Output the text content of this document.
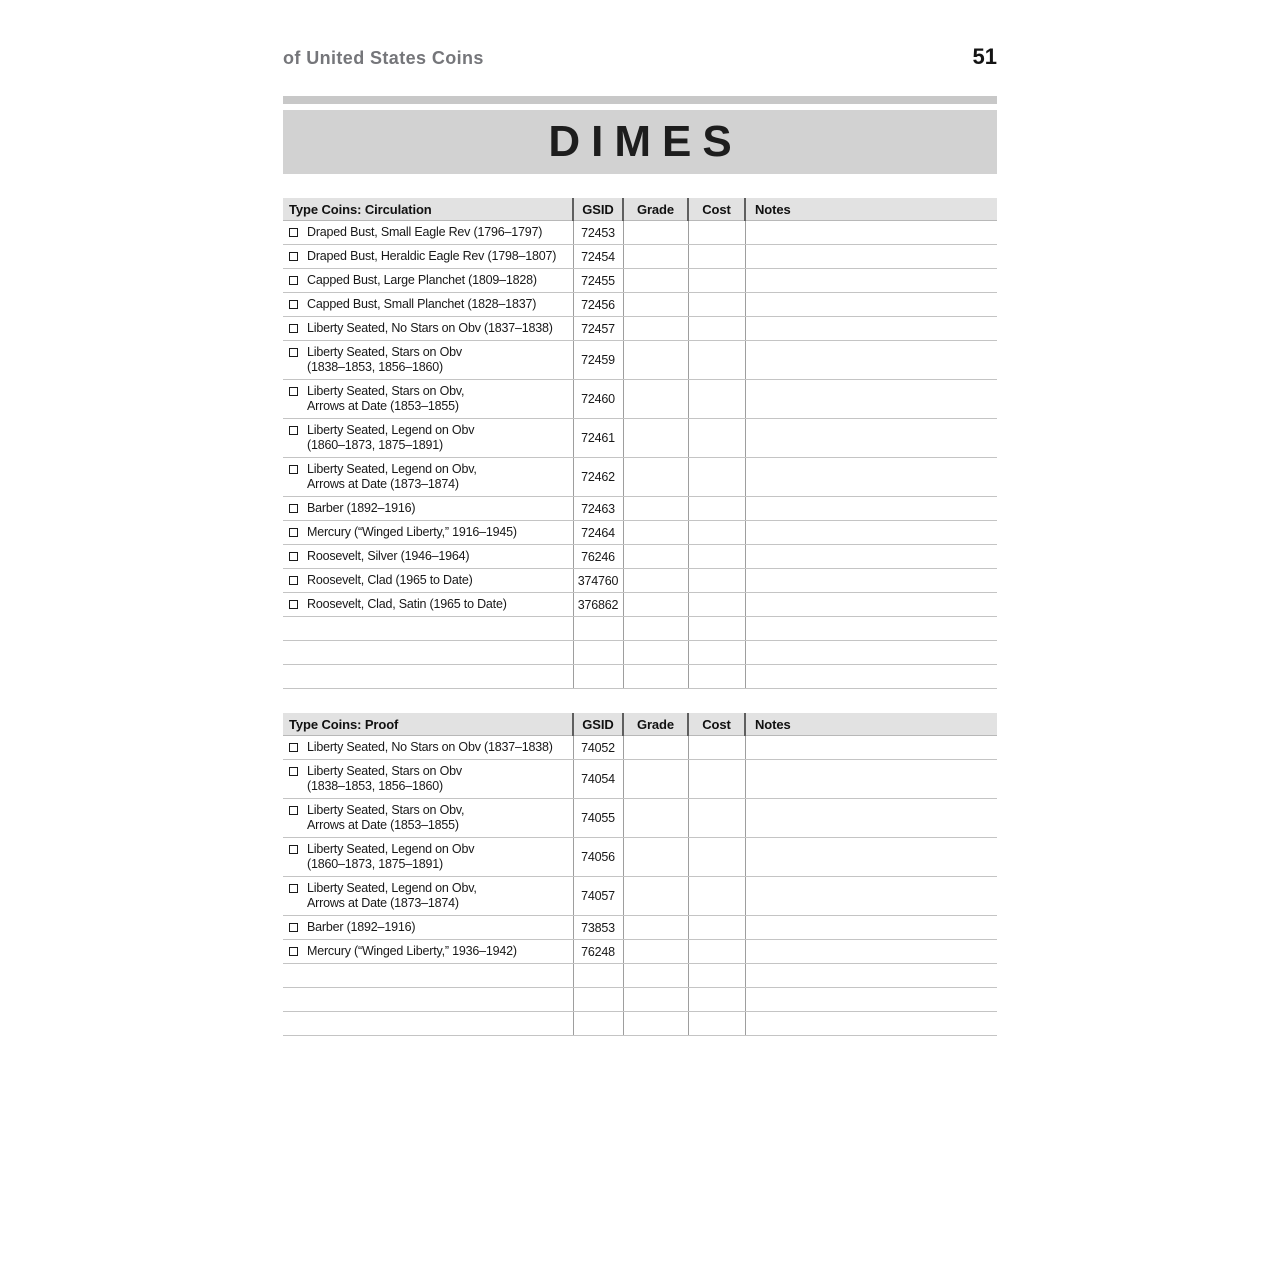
of United States Coins	51
DIMES
Type Coins: Circulation	GSID	Grade	Cost	Notes

Draped Bust, Small Eagle Rev (1796–1797)	72453			

Draped Bust, Heraldic Eagle Rev (1798–1807)	72454			

Capped Bust, Large Planchet (1809–1828)	72455			

Capped Bust, Small Planchet (1828–1837)	72456			

Liberty Seated, No Stars on Obv (1837–1838)	72457			

Liberty Seated, Stars on Obv
(1838–1853, 1856–1860)	72459			

Liberty Seated, Stars on Obv,
Arrows at Date (1853–1855)	72460			

Liberty Seated, Legend on Obv
(1860–1873, 1875–1891)	72461			

Liberty Seated, Legend on Obv,
Arrows at Date (1873–1874)	72462			

Barber (1892–1916)	72463			

Mercury (“Winged Liberty,” 1916–1945)	72464			

Roosevelt, Silver (1946–1964)	76246			

Roosevelt, Clad (1965 to Date)	374760			

Roosevelt, Clad, Satin (1965 to Date)	376862			

Type Coins: Proof	GSID	Grade	Cost	Notes

Liberty Seated, No Stars on Obv (1837–1838)	74052			

Liberty Seated, Stars on Obv
(1838–1853, 1856–1860)	74054			

Liberty Seated, Stars on Obv,
Arrows at Date (1853–1855)	74055			

Liberty Seated, Legend on Obv
(1860–1873, 1875–1891)	74056			

Liberty Seated, Legend on Obv,
Arrows at Date (1873–1874)	74057			

Barber (1892–1916)	73853			

Mercury (“Winged Liberty,” 1936–1942)	76248			
